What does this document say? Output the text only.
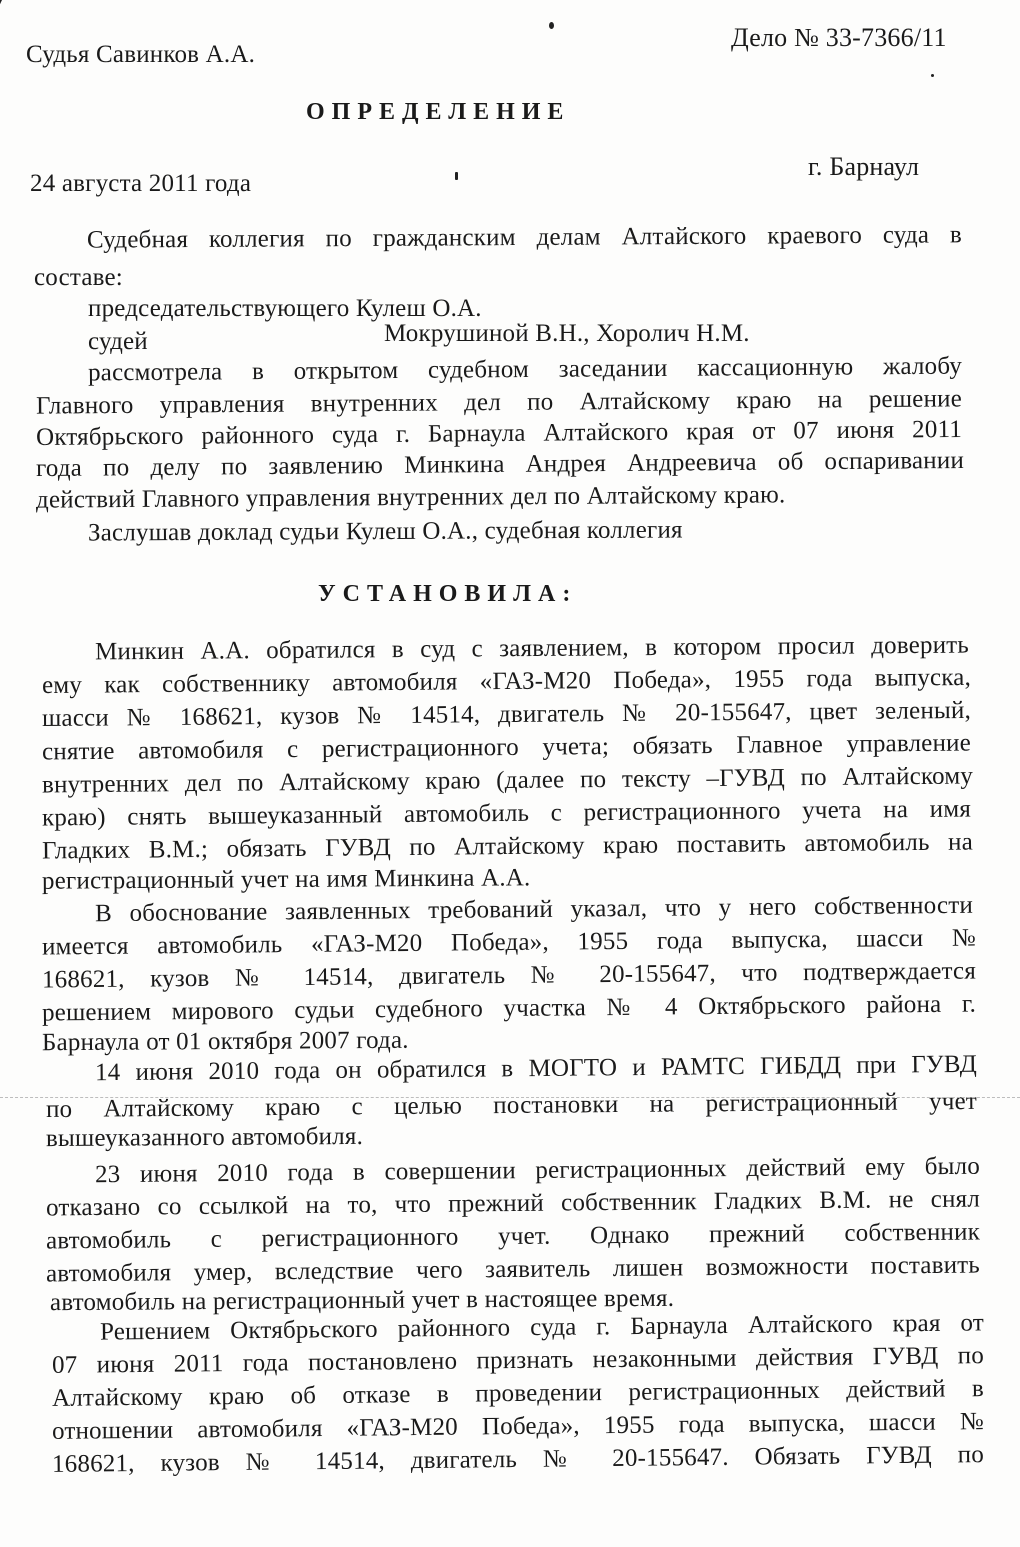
Судья Савинков А.А.
Дело № 33-7366/11
ОПРЕДЕЛЕНИЕ
24 августа 2011 года
г. Барнаул
Судебная коллегия по гражданским делам Алтайского краевого суда в
составе:
председательствующего Кулеш О.А.
судей	Мокрушиной В.Н., Хоролич Н.М.
рассмотрела в открытом судебном заседании кассационную жалобу
Главного управления внутренних дел по Алтайскому краю на решение
Октябрьского районного суда г. Барнаула Алтайского края от 07 июня 2011
года по делу по заявлению Минкина Андрея Андреевича об оспаривании
действий Главного управления внутренних дел по Алтайскому краю.
Заслушав доклад судьи Кулеш О.А., судебная коллегия
УСТАНОВИЛА:
Минкин А.А. обратился в суд с заявлением, в котором просил доверить
ему как собственнику автомобиля «ГАЗ-М20 Победа», 1955 года выпуска,
шасси № 168621, кузов № 14514, двигатель № 20-155647, цвет зеленый,
снятие автомобиля с регистрационного учета; обязать Главное управление
внутренних дел по Алтайскому краю (далее по тексту –ГУВД по Алтайскому
краю) снять вышеуказанный автомобиль с регистрационного учета на имя
Гладких В.М.; обязать ГУВД по Алтайскому краю поставить автомобиль на
регистрационный учет на имя Минкина А.А.
В обоснование заявленных требований указал, что у него собственности
имеется автомобиль «ГАЗ-М20 Победа», 1955 года выпуска, шасси №
168621, кузов № 14514, двигатель № 20-155647, что подтверждается
решением мирового судьи судебного участка № 4 Октябрьского района г.
Барнаула от 01 октября 2007 года.
14 июня 2010 года он обратился в МОГТО и РАМТС ГИБДД при ГУВД
по Алтайскому краю с целью постановки на регистрационный учет
вышеуказанного автомобиля.
23 июня 2010 года в совершении регистрационных действий ему было
отказано со ссылкой на то, что прежний собственник Гладких В.М. не снял
автомобиль с регистрационного учет. Однако прежний собственник
автомобиля умер, вследствие чего заявитель лишен возможности поставить
автомобиль на регистрационный учет в настоящее время.
Решением Октябрьского районного суда г. Барнаула Алтайского края от
07 июня 2011 года постановлено признать незаконными действия ГУВД по
Алтайскому краю об отказе в проведении регистрационных действий в
отношении автомобиля «ГАЗ-М20 Победа», 1955 года выпуска, шасси №
168621, кузов № 14514, двигатель № 20-155647. Обязать ГУВД по
